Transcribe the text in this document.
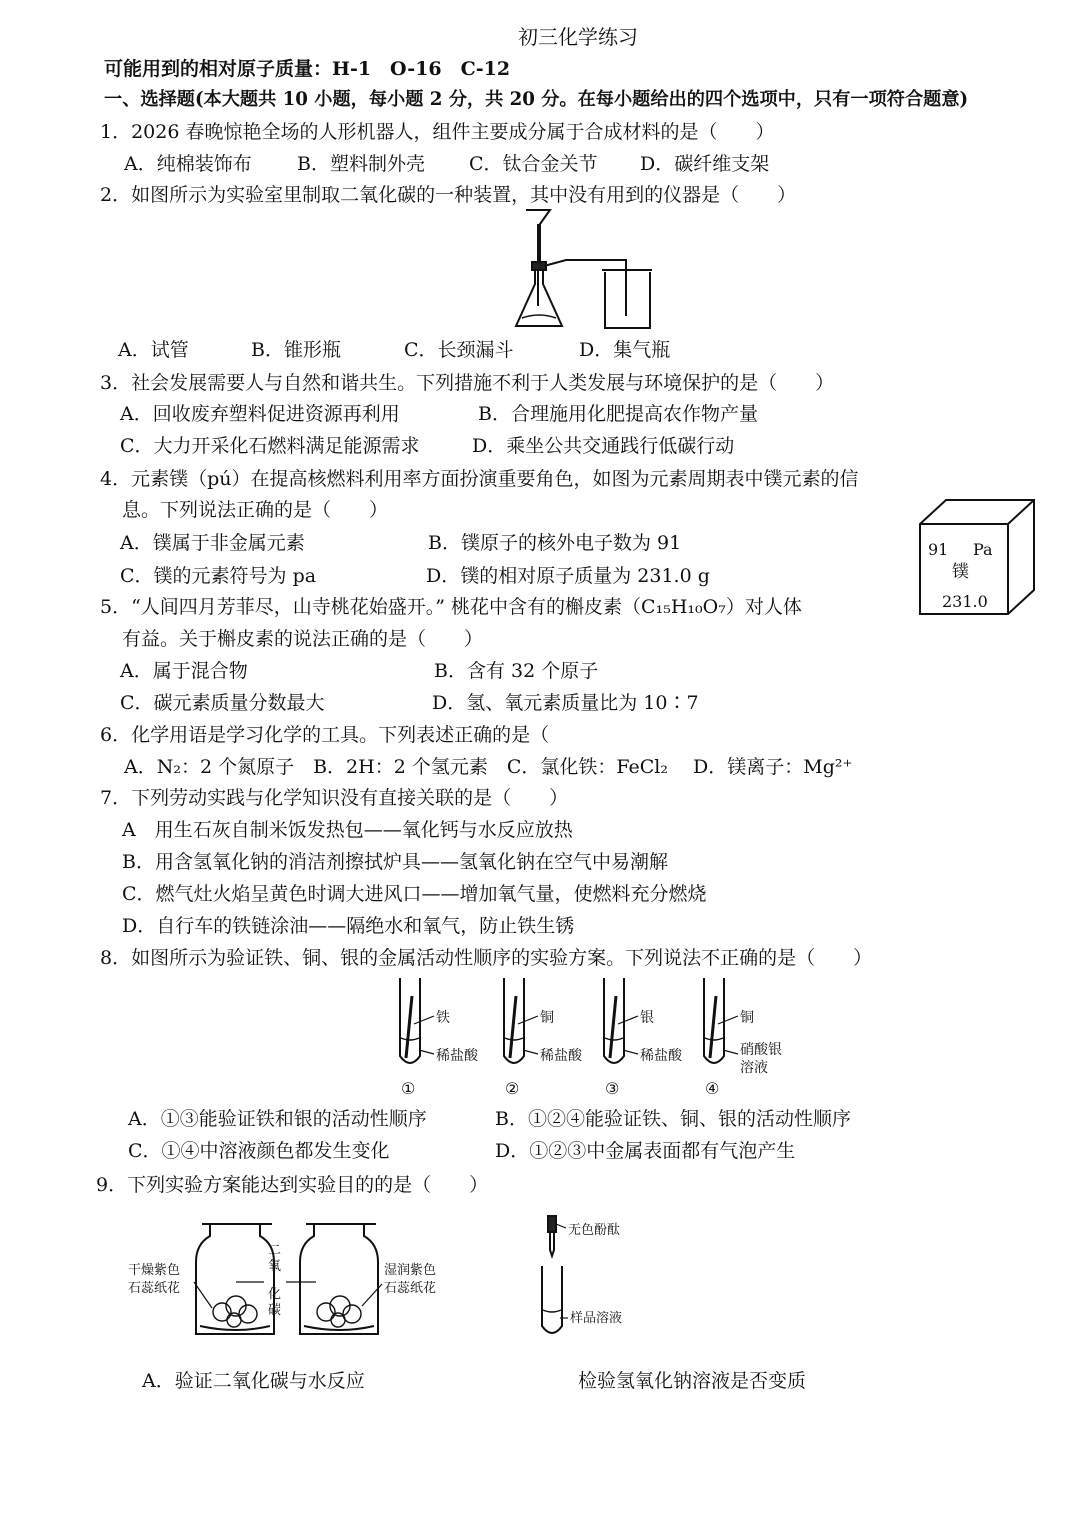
初三化学练习
可能用到的相对原子质量：H-1　O-16　C-12
一、选择题(本大题共 10 小题，每小题 2 分，共 20 分。在每小题给出的四个选项中，只有一项符合题意)
1．2026 春晚惊艳全场的人形机器人，组件主要成分属于合成材料的是（　　）
A．纯棉装饰布 B．塑料制外壳 C．钛合金关节 D．碳纤维支架
2．如图所示为实验室里制取二氧化碳的一种装置，其中没有用到的仪器是（　　）
A．试管	B．锥形瓶	C．长颈漏斗	D．集气瓶
3．社会发展需要人与自然和谐共生。下列措施不利于人类发展与环境保护的是（　　）
A．回收废弃塑料促进资源再利用	B．合理施用化肥提高农作物产量
C．大力开采化石燃料满足能源需求	D．乘坐公共交通践行低碳行动
4．元素镤（pú）在提高核燃料利用率方面扮演重要角色，如图为元素周期表中镤元素的信
息。下列说法正确的是（　　）
A．镤属于非金属元素	B．镤原子的核外电子数为 91
C．镤的元素符号为 pa	D．镤的相对原子质量为 231.0 g
91 Pa
镤
231.0
5．“人间四月芳菲尽，山寺桃花始盛开。” 桃花中含有的槲皮素（C₁₅H₁₀O₇）对人体
有益。关于槲皮素的说法正确的是（　　）
A．属于混合物	B．含有 32 个原子
C．碳元素质量分数最大	D．氢、氧元素质量比为 10∶7
6．化学用语是学习化学的工具。下列表述正确的是（
A．N₂：2 个氮原子　B．2H：2 个氢元素　C．氯化铁：FeCl₂　 D．镁离子：Mg²⁺
7．下列劳动实践与化学知识没有直接关联的是（　　）
A　用生石灰自制米饭发热包——氧化钙与水反应放热
B．用含氢氧化钠的消洁剂擦拭炉具——氢氧化钠在空气中易潮解
C．燃气灶火焰呈黄色时调大进风口——增加氧气量，使燃料充分燃烧
D．自行车的铁链涂油——隔绝水和氧气，防止铁生锈
8．如图所示为验证铁、铜、银的金属活动性顺序的实验方案。下列说法不正确的是（　　）
铁
稀盐酸
①
铜
稀盐酸
②
银
稀盐酸
③
铜
硝酸银
溶液
④
A．①③能验证铁和银的活动性顺序	B．①②④能验证铁、铜、银的活动性顺序
C．①④中溶液颜色都发生变化	D．①②③中金属表面都有气泡产生
9．下列实验方案能达到实验目的的是（　　）
干燥紫色
石蕊纸花
二
氧
化
碳
湿润紫色
石蕊纸花
无色酚酞
样品溶液
A．验证二氧化碳与水反应	检验氢氧化钠溶液是否变质
